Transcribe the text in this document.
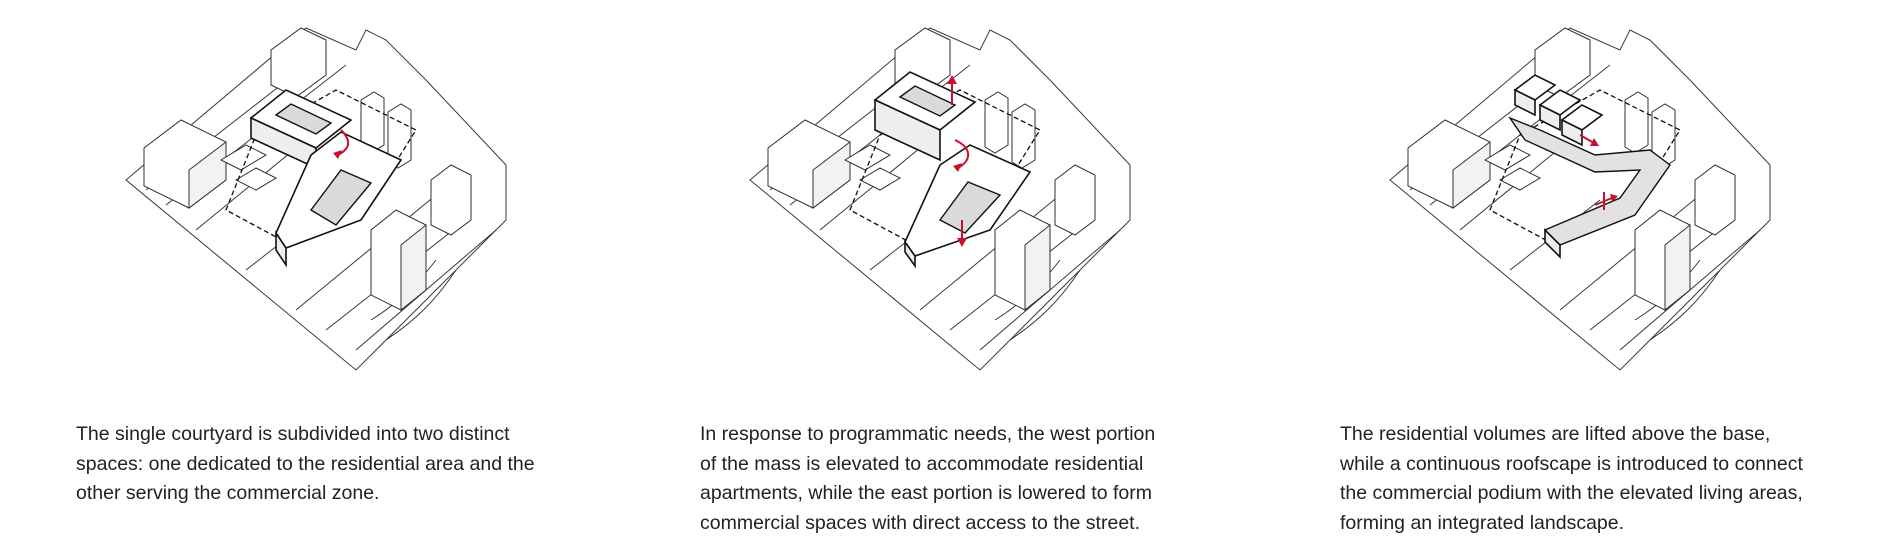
The single courtyard is subdivided into two distinct
spaces: one dedicated to the residential area and the
other serving the commercial zone.

In response to programmatic needs, the west portion
of the mass is elevated to accommodate residential
apartments, while the east portion is lowered to form
commercial spaces with direct access to the street.

The residential volumes are lifted above the base,
while a continuous roofscape is introduced to connect
the commercial podium with the elevated living areas,
forming an integrated landscape.
